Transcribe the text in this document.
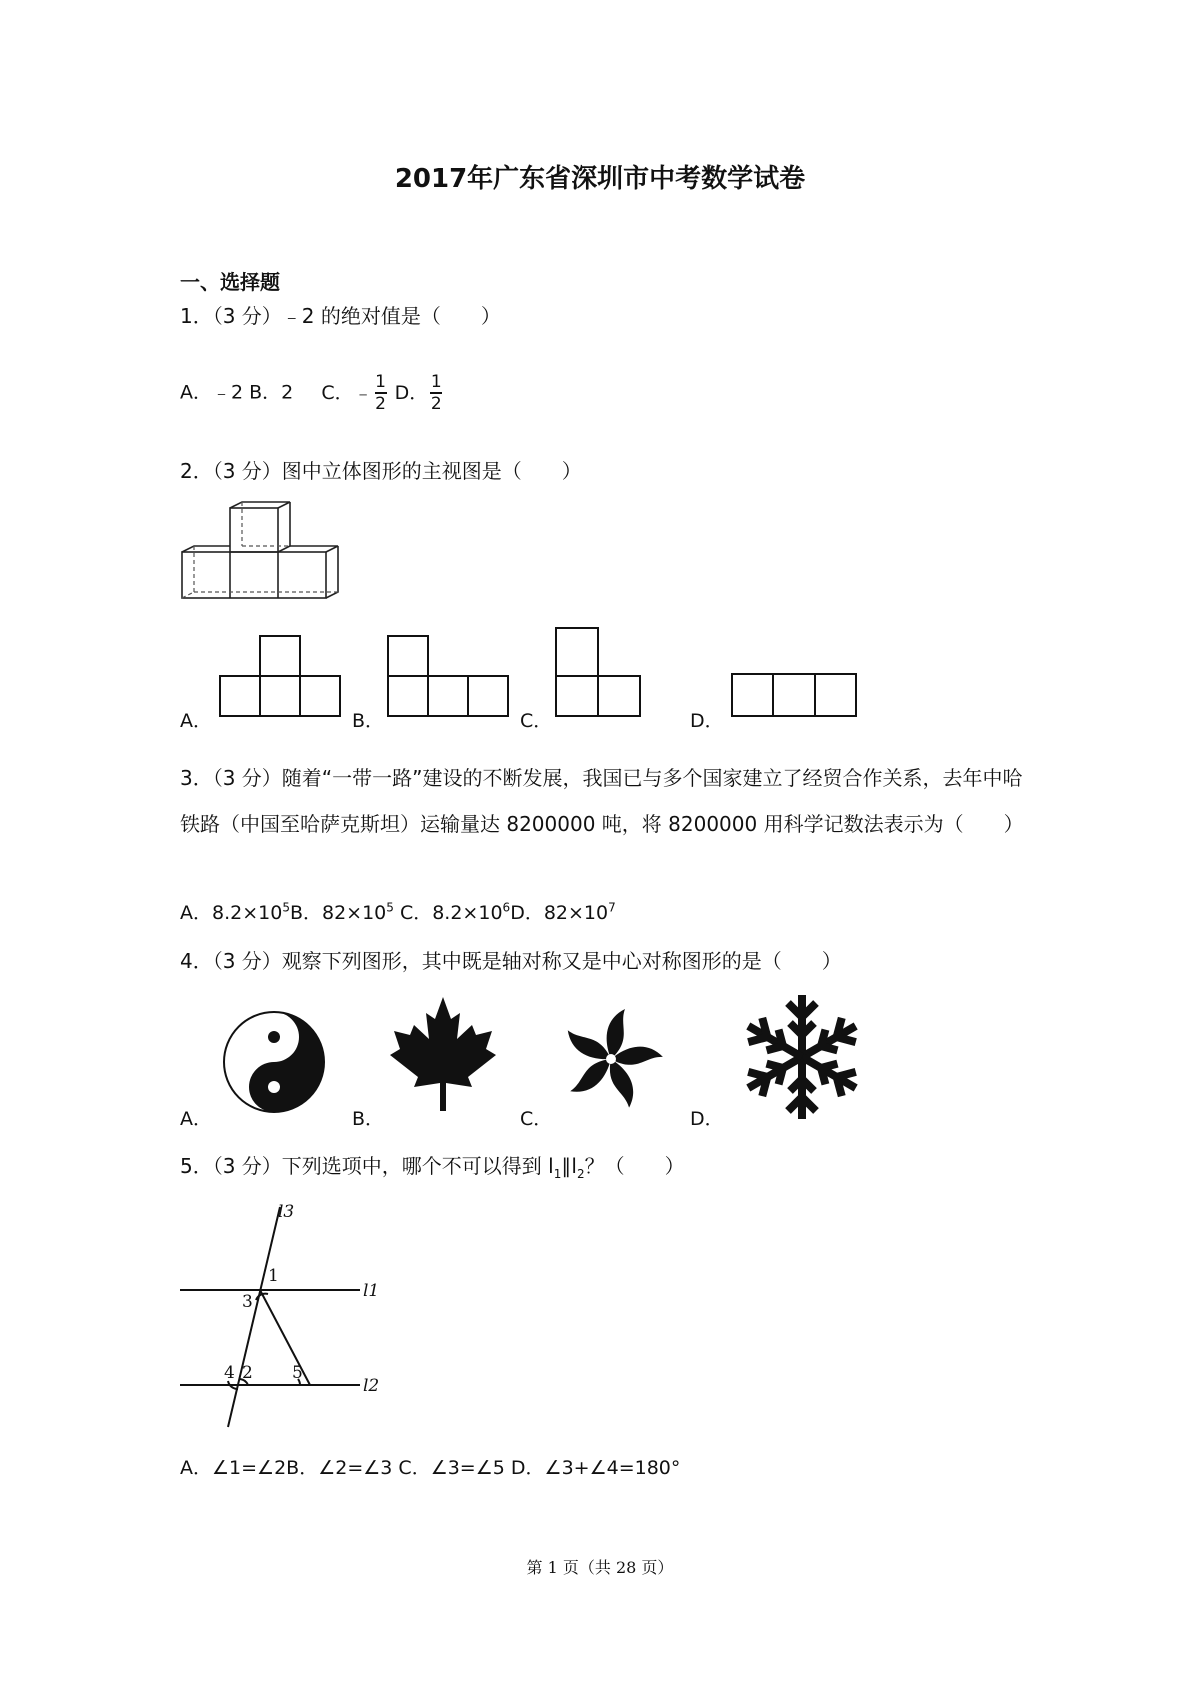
2017年广东省深圳市中考数学试卷
一、选择题
1．（3 分）﹣2 的绝对值是（　　）
A．﹣2 B．2 C．﹣ $\frac{1}{2}$ D． $\frac{1}{2}$
2．（3 分）图中立体图形的主视图是（　　）
A．	B．	C．	D．
3．（3 分）随着“一带一路”建设的不断发展，我国已与多个国家建立了经贸合作关系，去年中哈铁路（中国至哈萨克斯坦）运输量达 8200000 吨，将 8200000 用科学记数法表示为（　　）
A．$8.2\times 10^5B$．$82\times 10^5$ C．$8.2\times 10^6D$．$82\times 10^7$
4．（3 分）观察下列图形，其中既是轴对称又是中心对称图形的是（　　）
A．	B．	C．	D．
5．（3 分）下列选项中，哪个不可以得到 $l_1\parallel l_2$？（　　）
l3
l1
l2
1
2
3
4	5
A．∠1=∠2B．∠2=∠3 C．∠3=∠5 D．∠3+∠4=180°
第 1 页（共 28 页）
